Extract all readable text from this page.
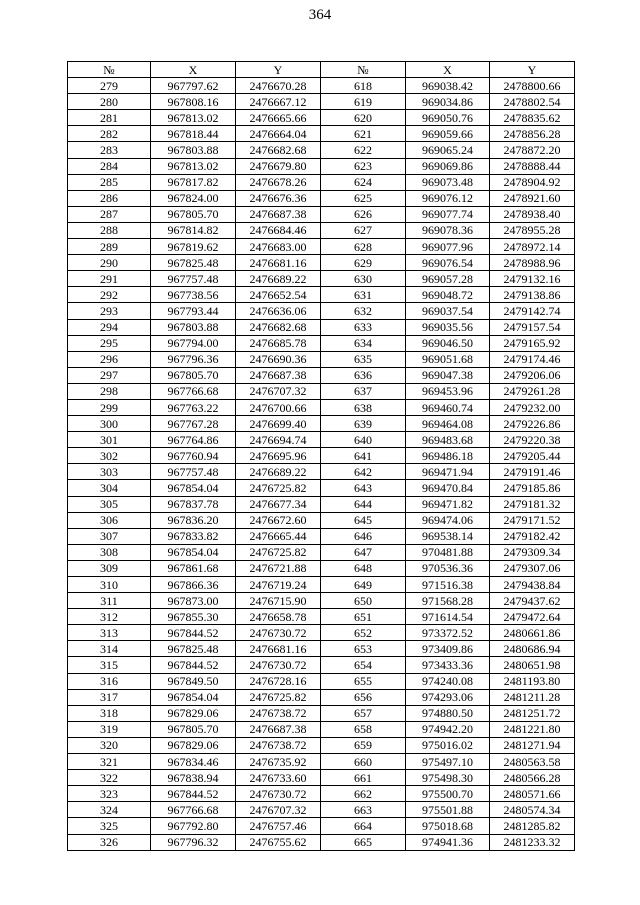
364
№	X	Y	№	X	Y
279	967797.62	2476670.28	618	969038.42	2478800.66
280	967808.16	2476667.12	619	969034.86	2478802.54
281	967813.02	2476665.66	620	969050.76	2478835.62
282	967818.44	2476664.04	621	969059.66	2478856.28
283	967803.88	2476682.68	622	969065.24	2478872.20
284	967813.02	2476679.80	623	969069.86	2478888.44
285	967817.82	2476678.26	624	969073.48	2478904.92
286	967824.00	2476676.36	625	969076.12	2478921.60
287	967805.70	2476687.38	626	969077.74	2478938.40
288	967814.82	2476684.46	627	969078.36	2478955.28
289	967819.62	2476683.00	628	969077.96	2478972.14
290	967825.48	2476681.16	629	969076.54	2478988.96
291	967757.48	2476689.22	630	969057.28	2479132.16
292	967738.56	2476652.54	631	969048.72	2479138.86
293	967793.44	2476636.06	632	969037.54	2479142.74
294	967803.88	2476682.68	633	969035.56	2479157.54
295	967794.00	2476685.78	634	969046.50	2479165.92
296	967796.36	2476690.36	635	969051.68	2479174.46
297	967805.70	2476687.38	636	969047.38	2479206.06
298	967766.68	2476707.32	637	969453.96	2479261.28
299	967763.22	2476700.66	638	969460.74	2479232.00
300	967767.28	2476699.40	639	969464.08	2479226.86
301	967764.86	2476694.74	640	969483.68	2479220.38
302	967760.94	2476695.96	641	969486.18	2479205.44
303	967757.48	2476689.22	642	969471.94	2479191.46
304	967854.04	2476725.82	643	969470.84	2479185.86
305	967837.78	2476677.34	644	969471.82	2479181.32
306	967836.20	2476672.60	645	969474.06	2479171.52
307	967833.82	2476665.44	646	969538.14	2479182.42
308	967854.04	2476725.82	647	970481.88	2479309.34
309	967861.68	2476721.88	648	970536.36	2479307.06
310	967866.36	2476719.24	649	971516.38	2479438.84
311	967873.00	2476715.90	650	971568.28	2479437.62
312	967855.30	2476658.78	651	971614.54	2479472.64
313	967844.52	2476730.72	652	973372.52	2480661.86
314	967825.48	2476681.16	653	973409.86	2480686.94
315	967844.52	2476730.72	654	973433.36	2480651.98
316	967849.50	2476728.16	655	974240.08	2481193.80
317	967854.04	2476725.82	656	974293.06	2481211.28
318	967829.06	2476738.72	657	974880.50	2481251.72
319	967805.70	2476687.38	658	974942.20	2481221.80
320	967829.06	2476738.72	659	975016.02	2481271.94
321	967834.46	2476735.92	660	975497.10	2480563.58
322	967838.94	2476733.60	661	975498.30	2480566.28
323	967844.52	2476730.72	662	975500.70	2480571.66
324	967766.68	2476707.32	663	975501.88	2480574.34
325	967792.80	2476757.46	664	975018.68	2481285.82
326	967796.32	2476755.62	665	974941.36	2481233.32
